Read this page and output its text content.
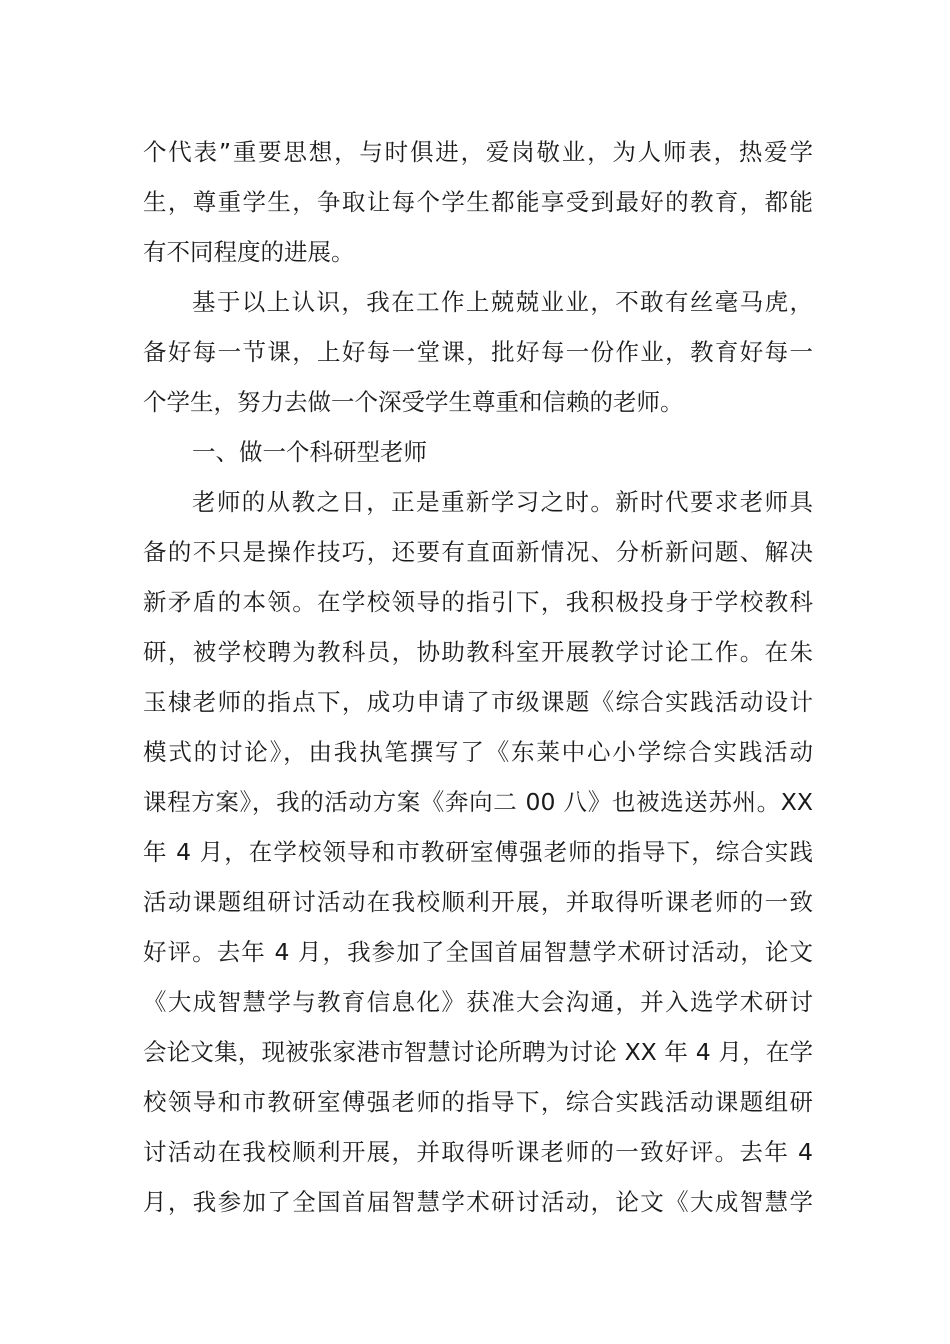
个代表”重要思想，与时俱进，爱岗敬业，为人师表，热爱学
生，尊重学生，争取让每个学生都能享受到最好的教育，都能
有不同程度的进展。
基于以上认识，我在工作上兢兢业业，不敢有丝毫马虎，
备好每一节课，上好每一堂课，批好每一份作业，教育好每一
个学生，努力去做一个深受学生尊重和信赖的老师。
一、做一个科研型老师
老师的从教之日，正是重新学习之时。新时代要求老师具
备的不只是操作技巧，还要有直面新情况、分析新问题、解决
新矛盾的本领。在学校领导的指引下，我积极投身于学校教科
研，被学校聘为教科员，协助教科室开展教学讨论工作。在朱
玉棣老师的指点下，成功申请了市级课题《综合实践活动设计
模式的讨论》，由我执笔撰写了《东莱中心小学综合实践活动
课程方案》，我的活动方案《奔向二 00 八》也被选送苏州。XX
年 4 月，在学校领导和市教研室傅强老师的指导下，综合实践
活动课题组研讨活动在我校顺利开展，并取得听课老师的一致
好评。去年 4 月，我参加了全国首届智慧学术研讨活动，论文
《大成智慧学与教育信息化》获准大会沟通，并入选学术研讨
会论文集，现被张家港市智慧讨论所聘为讨论 XX 年 4 月，在学
校领导和市教研室傅强老师的指导下，综合实践活动课题组研
讨活动在我校顺利开展，并取得听课老师的一致好评。去年 4
月，我参加了全国首届智慧学术研讨活动，论文《大成智慧学
